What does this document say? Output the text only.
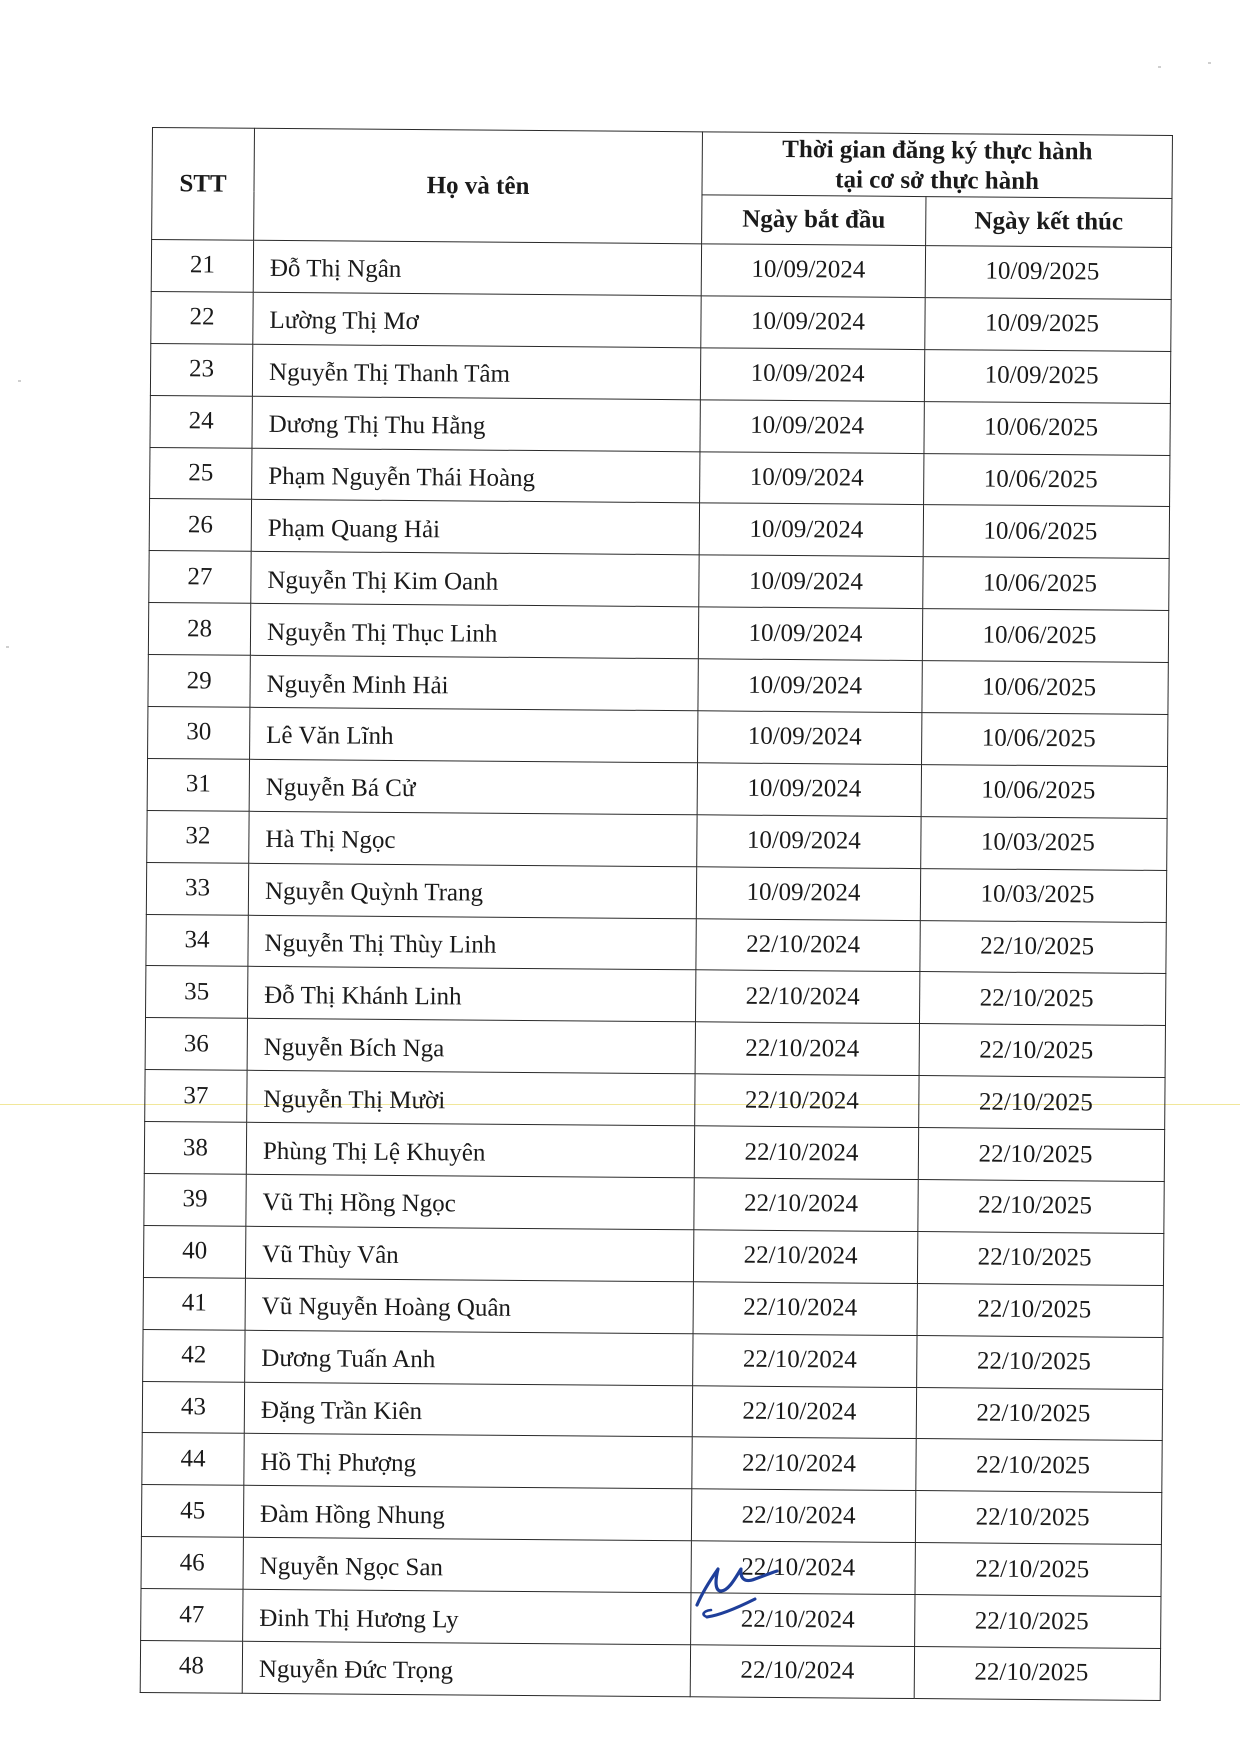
STT	Họ và tên	Thời gian đăng ký thực hành
tại cơ sở thực hành	

		Ngày bắt đầu	Ngày kết thúc
21	Đỗ Thị Ngân	10/09/2024	10/09/2025
22	Lường Thị Mơ	10/09/2024	10/09/2025
23	Nguyễn Thị Thanh Tâm	10/09/2024	10/09/2025
24	Dương Thị Thu Hằng	10/09/2024	10/06/2025
25	Phạm Nguyễn Thái Hoàng	10/09/2024	10/06/2025
26	Phạm Quang Hải	10/09/2024	10/06/2025
27	Nguyễn Thị Kim Oanh	10/09/2024	10/06/2025
28	Nguyễn Thị Thục Linh	10/09/2024	10/06/2025
29	Nguyễn Minh Hải	10/09/2024	10/06/2025
30	Lê Văn Lĩnh	10/09/2024	10/06/2025
31	Nguyễn Bá Cử	10/09/2024	10/06/2025
32	Hà Thị Ngọc	10/09/2024	10/03/2025
33	Nguyễn Quỳnh Trang	10/09/2024	10/03/2025
34	Nguyễn Thị Thùy Linh	22/10/2024	22/10/2025
35	Đỗ Thị Khánh Linh	22/10/2024	22/10/2025
36	Nguyễn Bích Nga	22/10/2024	22/10/2025
37	Nguyễn Thị Mười	22/10/2024	22/10/2025
38	Phùng Thị Lệ Khuyên	22/10/2024	22/10/2025
39	Vũ Thị Hồng Ngọc	22/10/2024	22/10/2025
40	Vũ Thùy Vân	22/10/2024	22/10/2025
41	Vũ Nguyễn Hoàng Quân	22/10/2024	22/10/2025
42	Dương Tuấn Anh	22/10/2024	22/10/2025
43	Đặng Trần Kiên	22/10/2024	22/10/2025
44	Hồ Thị Phượng	22/10/2024	22/10/2025
45	Đàm Hồng Nhung	22/10/2024	22/10/2025
46	Nguyễn Ngọc San	22/10/2024	22/10/2025
47	Đinh Thị Hương Ly	22/10/2024	22/10/2025
48	Nguyễn Đức Trọng	22/10/2024	22/10/2025
